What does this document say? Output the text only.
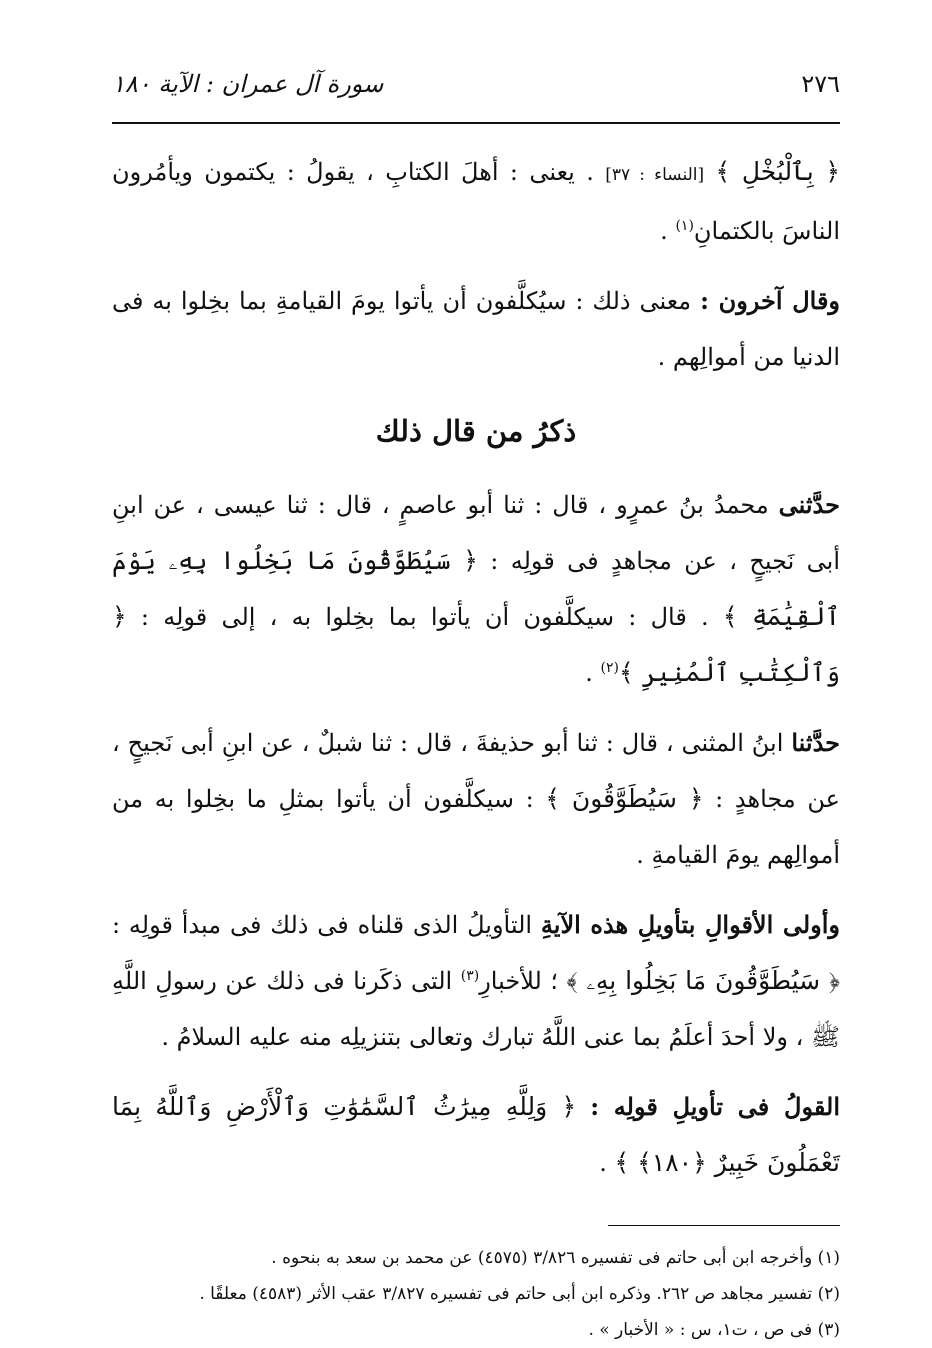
٢٧٦
سورة آل عمران : الآية ١٨٠

﴿ بِٱلْبُخْلِ ﴾ [النساء : ٣٧] . يعنى : أهلَ الكتابِ ، يقولُ : يكتمون ويأمُرون الناسَ بالكتمانِ$^{(١)}$ .

وقال آخرون : معنى ذلك : سيُكلَّفون أن يأتوا يومَ القيامةِ بما بخِلوا به فى الدنيا من أموالِهم .

ذكرُ من قال ذلك

حدَّثنى محمدُ بنُ عمرٍو ، قال : ثنا أبو عاصمٍ ، قال : ثنا عيسى ، عن ابنِ أبى نَجيحٍ ، عن مجاهدٍ فى قولِه : ﴿ سَيُطَوَّقُونَ مَا بَخِلُوا بِهِۦ يَوْمَ ٱلْقِيَٰمَةِ ﴾ . قال : سيكلَّفون أن يأتوا بما بخِلوا به ، إلى قولِه : ﴿ وَٱلْكِتَٰبِ ٱلْمُنِيرِ ﴾$^{(٢)}$ .

حدَّثنا ابنُ المثنى ، قال : ثنا أبو حذيفةَ ، قال : ثنا شبلٌ ، عن ابنِ أبى نَجيحٍ ، عن مجاهدٍ : ﴿ سَيُطَوَّقُونَ ﴾ : سيكلَّفون أن يأتوا بمثلِ ما بخِلوا به من أموالِهم يومَ القيامةِ .

وأولى الأقوالِ بتأويلِ هذه الآيةِ التأويلُ الذى قلناه فى ذلك فى مبدأ قولِه : ﴿ سَيُطَوَّقُونَ مَا بَخِلُوا بِهِۦ ﴾ ؛ للأخبارِ$^{(٣)}$ التى ذكَرنا فى ذلك عن رسولِ اللَّهِ ﷺ ، ولا أحدَ أعلَمُ بما عنى اللَّهُ تبارك وتعالى بتنزيلِه منه عليه السلامُ .

القولُ فى تأويلِ قولِه : ﴿ وَلِلَّهِ مِيرَٰثُ ٱلسَّمَٰوَٰتِ وَٱلْأَرْضِ وَٱللَّهُ بِمَا تَعْمَلُونَ خَبِيرٌ ﴿١٨٠﴾ ﴾ .

(١) وأخرجه ابن أبى حاتم فى تفسيره ٣/٨٢٦ (٤٥٧٥) عن محمد بن سعد به بنحوه .

(٢) تفسير مجاهد ص ٢٦٢. وذكره ابن أبى حاتم فى تفسيره ٣/٨٢٧ عقب الأثر (٤٥٨٣) معلقًا .

(٣) فى ص ، ت١، س : « الأخبار » .
